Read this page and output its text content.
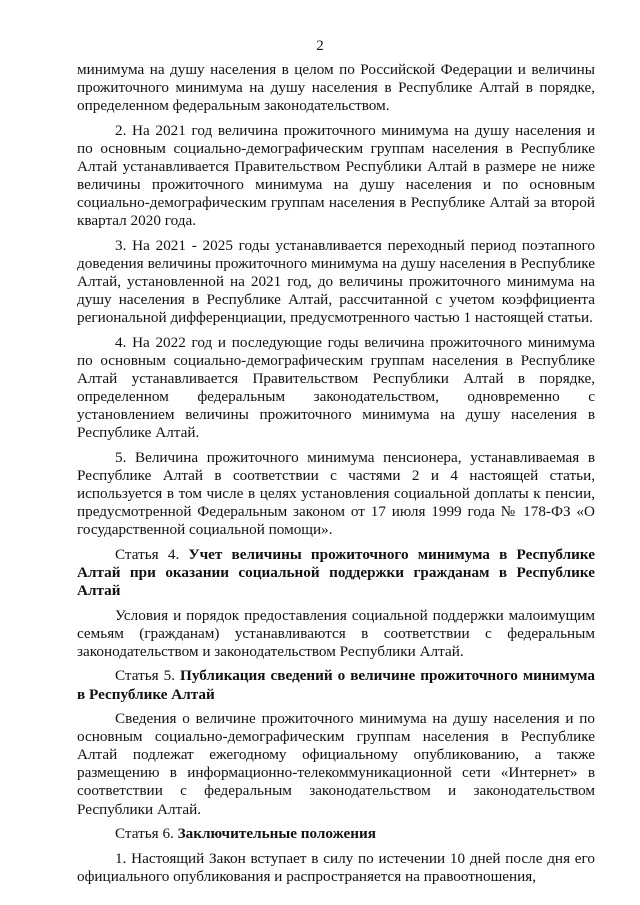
2

минимума на душу населения в целом по Российской Федерации и величины прожиточного минимума на душу населения в Республике Алтай в порядке, определенном федеральным законодательством.

2. На 2021 год величина прожиточного минимума на душу населения и по основным социально-демографическим группам населения в Республике Алтай устанавливается Правительством Республики Алтай в размере не ниже величины прожиточного минимума на душу населения и по основным социально-демографическим группам населения в Республике Алтай за второй квартал 2020 года.

3. На 2021 - 2025 годы устанавливается переходный период поэтапного доведения величины прожиточного минимума на душу населения в Республике Алтай, установленной на 2021 год, до величины прожиточного минимума на душу населения в Республике Алтай, рассчитанной с учетом коэффициента региональной дифференциации, предусмотренного частью 1 настоящей статьи.

4. На 2022 год и последующие годы величина прожиточного минимума по основным социально-демографическим группам населения в Республике Алтай устанавливается Правительством Республики Алтай в порядке, определенном федеральным законодательством, одновременно с установлением величины прожиточного минимума на душу населения в Республике Алтай.

5. Величина прожиточного минимума пенсионера, устанавливаемая в Республике Алтай в соответствии с частями 2 и 4 настоящей статьи, используется в том числе в целях установления социальной доплаты к пенсии, предусмотренной Федеральным законом от 17 июля 1999 года № 178-ФЗ «О государственной социальной помощи».

Статья 4. Учет величины прожиточного минимума в Республике Алтай при оказании социальной поддержки гражданам в Республике Алтай

Условия и порядок предоставления социальной поддержки малоимущим семьям (гражданам) устанавливаются в соответствии с федеральным законодательством и законодательством Республики Алтай.

Статья 5. Публикация сведений о величине прожиточного минимума в Республике Алтай

Сведения о величине прожиточного минимума на душу населения и по основным социально-демографическим группам населения в Республике Алтай подлежат ежегодному официальному опубликованию, а также размещению в информационно-телекоммуникационной сети «Интернет» в соответствии с федеральным законодательством и законодательством Республики Алтай.

Статья 6. Заключительные положения

1. Настоящий Закон вступает в силу по истечении 10 дней после дня его официального опубликования и распространяется на правоотношения,
